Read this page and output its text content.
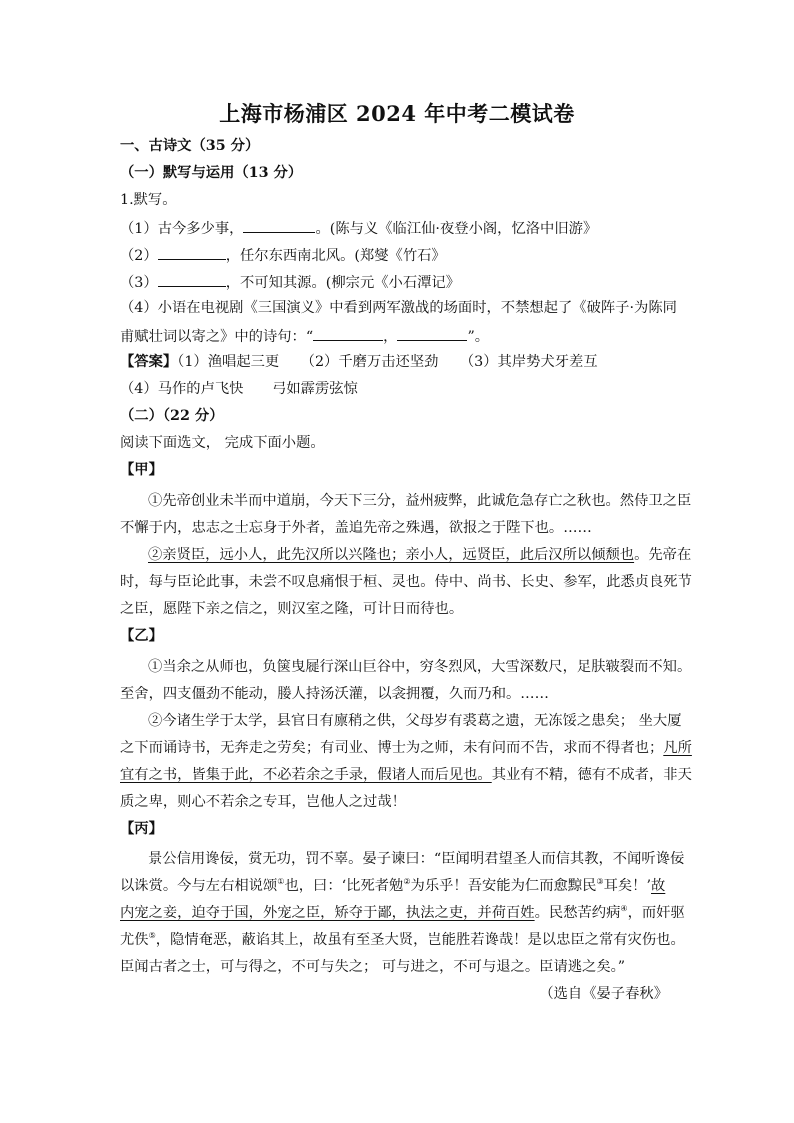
上海市杨浦区 2024 年中考二模试卷
一、古诗文（35 分）
（一）默写与运用（13 分）
1.默写。
（1）古今多少事，	。(陈与义《临江仙·夜登小阁，忆洛中旧游》
（2）	，任尔东西南北风。(郑燮《竹石》
（3）	，不可知其源。(柳宗元《小石潭记》
（4）小语在电视剧《三国演义》中看到两军激战的场面时，不禁想起了《破阵子·为陈同
甫赋壮词以寄之》中的诗句：“	，	”。
【答案】（1）渔唱起三更　　（2）千磨万击还坚劲　　（3）其岸势犬牙差互
（4）马作的卢飞快　　弓如霹雳弦惊
（二）（22 分）
阅读下面选文， 完成下面小题。
【甲】
①先帝创业未半而中道崩，今天下三分，益州疲弊，此诚危急存亡之秋也。然侍卫之臣
不懈于内，忠志之士忘身于外者，盖追先帝之殊遇，欲报之于陛下也。……
②亲贤臣，远小人，此先汉所以兴隆也；亲小人，远贤臣，此后汉所以倾颓也。先帝在
时，每与臣论此事，未尝不叹息痛恨于桓、灵也。侍中、尚书、长史、参军，此悉贞良死节
之臣，愿陛下亲之信之，则汉室之隆，可计日而待也。
【乙】
①当余之从师也，负箧曳屣行深山巨谷中，穷冬烈风，大雪深数尺，足肤皲裂而不知。
至舍，四支僵劲不能动，媵人持汤沃灌，以衾拥覆，久而乃和。……
②今诸生学于太学，县官日有廪稍之供，父母岁有裘葛之遗，无冻馁之患矣； 坐大厦
之下而诵诗书，无奔走之劳矣；有司业、博士为之师，未有问而不告，求而不得者也；凡所
宜有之书，皆集于此，不必若余之手录，假诸人而后见也。其业有不精，德有不成者，非天
质之卑，则心不若余之专耳，岂他人之过哉！
【丙】
景公信用谗佞，赏无功，罚不辜。晏子谏曰：“臣闻明君望圣人而信其教，不闻听谗佞
以诛赏。今与左右相说颂①也，曰：‘比死者勉②为乐乎！吾安能为仁而愈黥民③耳矣！’故
内宠之妾，迫夺于国，外宠之臣，矫夺于鄙，执法之吏，并荷百姓。民愁苦约病④，而奸驱
尤佚⑤，隐情奄恶，蔽谄其上，故虽有至圣大贤，岂能胜若谗哉！是以忠臣之常有灾伤也。
臣闻古者之士，可与得之，不可与失之； 可与进之，不可与退之。臣请逃之矣。”
（选自《晏子春秋》
